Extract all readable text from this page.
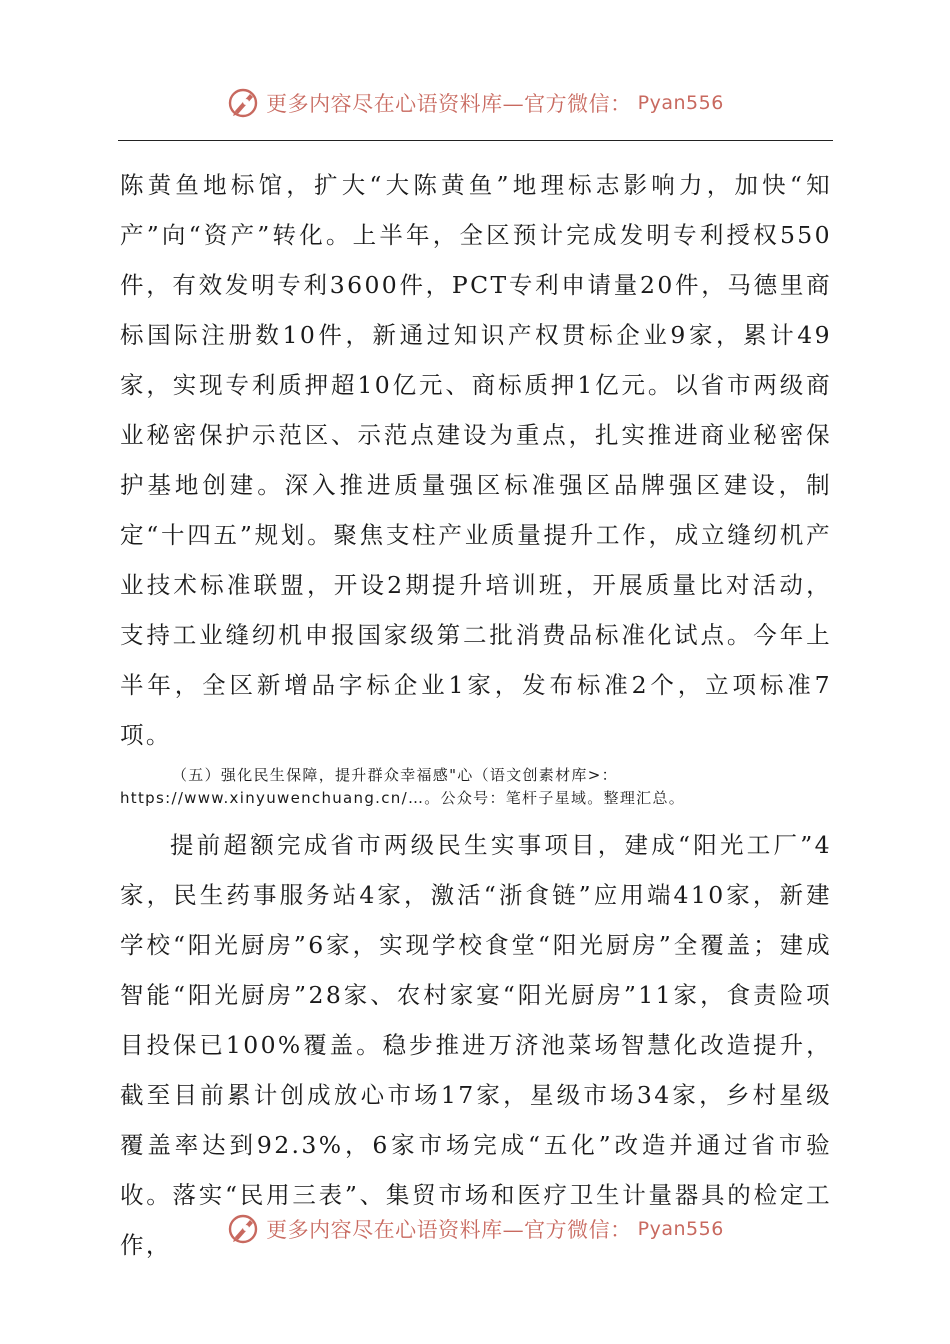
更多内容尽在心语资料库—官方微信： Pyan556

陈黄鱼地标馆，扩大“大陈黄鱼”地理标志影响力，加快“知产”向“资产”转化。上半年，全区预计完成发明专利授权550件，有效发明专利3600件，PCT专利申请量20件，马德里商标国际注册数10件，新通过知识产权贯标企业9家，累计49家，实现专利质押超10亿元、商标质押1亿元。以省市两级商业秘密保护示范区、示范点建设为重点，扎实推进商业秘密保护基地创建。深入推进质量强区标准强区品牌强区建设，制定“十四五”规划。聚焦支柱产业质量提升工作，成立缝纫机产业技术标准联盟，开设2期提升培训班，开展质量比对活动，支持工业缝纫机申报国家级第二批消费品标准化试点。今年上半年，全区新增品字标企业1家，发布标准2个，立项标准7项。

（五）强化民生保障，提升群众幸福感"心（语文创素材库>：https://www.xinyuwenchuang.cn/…。公众号：笔杆子星域。整理汇总。

提前超额完成省市两级民生实事项目，建成“阳光工厂”4家，民生药事服务站4家，激活“浙食链”应用端410家，新建学校“阳光厨房”6家，实现学校食堂“阳光厨房”全覆盖；建成智能“阳光厨房”28家、农村家宴“阳光厨房”11家，食责险项目投保已100%覆盖。稳步推进万济池菜场智慧化改造提升，截至目前累计创成放心市场17家，星级市场34家，乡村星级覆盖率达到92.3%，6家市场完成“五化”改造并通过省市验收。落实“民用三表”、集贸市场和医疗卫生计量器具的检定工作，

更多内容尽在心语资料库—官方微信： Pyan556
